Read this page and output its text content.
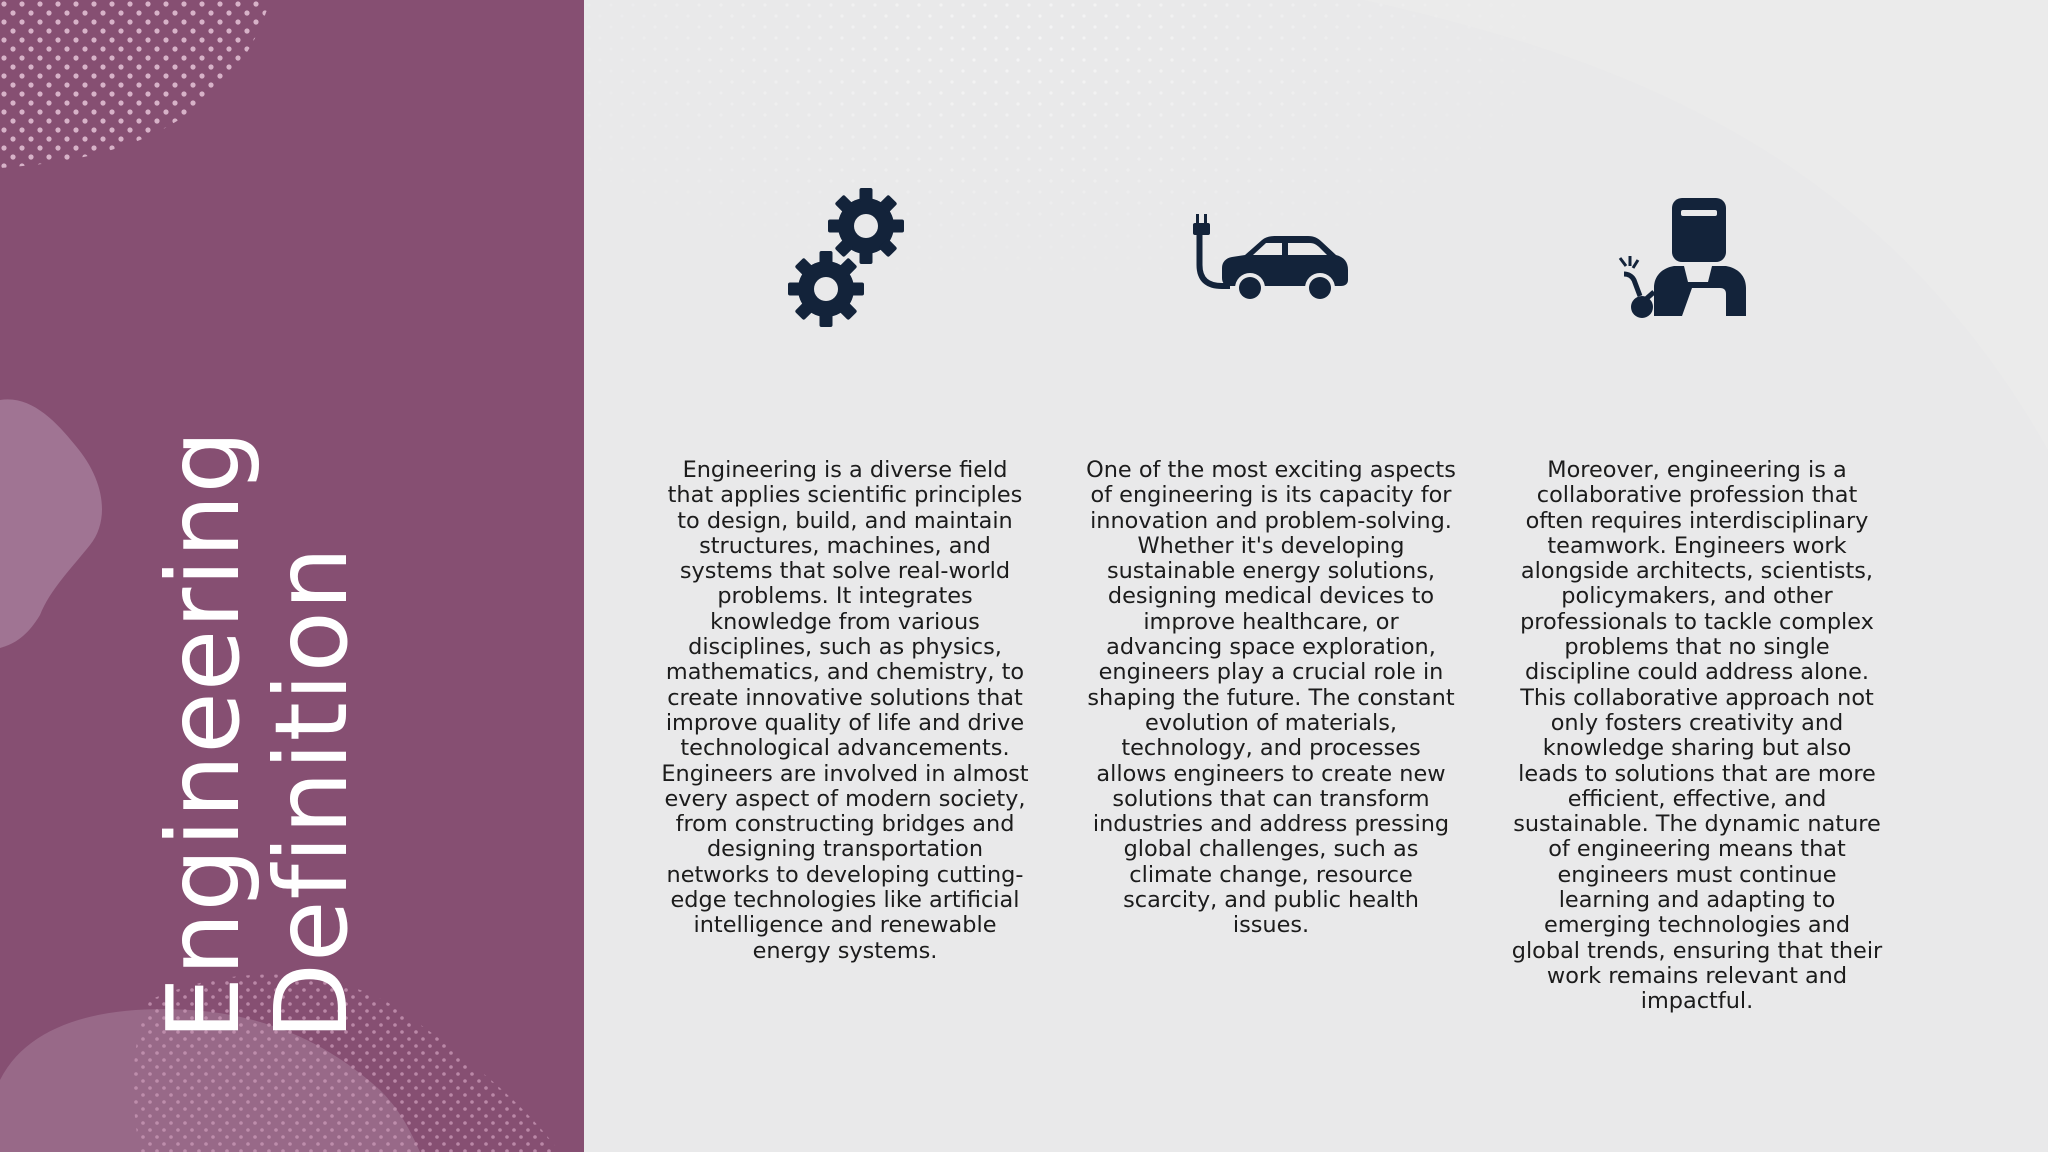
Engineering
Definition
Engineering is a diverse field that applies scientific principles to design, build, and maintain structures, machines, and systems that solve real-world problems. It integrates knowledge from various disciplines, such as physics, mathematics, and chemistry, to create innovative solutions that improve quality of life and drive technological advancements. Engineers are involved in almost every aspect of modern society, from constructing bridges and designing transportation networks to developing cutting-edge technologies like artificial intelligence and renewable energy systems.
One of the most exciting aspects of engineering is its capacity for innovation and problem-solving. Whether it's developing sustainable energy solutions, designing medical devices to improve healthcare, or advancing space exploration, engineers play a crucial role in shaping the future. The constant evolution of materials, technology, and processes allows engineers to create new solutions that can transform industries and address pressing global challenges, such as climate change, resource scarcity, and public health issues.
Moreover, engineering is a collaborative profession that often requires interdisciplinary teamwork. Engineers work alongside architects, scientists, policymakers, and other professionals to tackle complex problems that no single discipline could address alone. This collaborative approach not only fosters creativity and knowledge sharing but also leads to solutions that are more efficient, effective, and sustainable. The dynamic nature of engineering means that engineers must continue learning and adapting to emerging technologies and global trends, ensuring that their work remains relevant and impactful.
